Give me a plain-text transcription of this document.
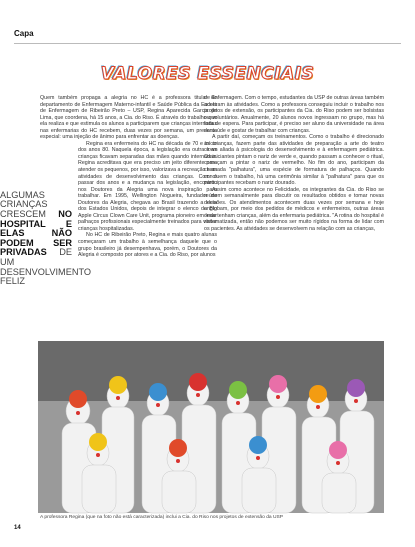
Capa
VALORES ESSENCIAIS

Quem também propaga a alegria no HC é a professora titular do departamento de Enfermagem Materno-infantil e Saúde Pública da Escola de Enfermagem de Ribeirão Preto – USP, Regina Aparecida Garcia de Lima, que coordena, há 15 anos, a Cia. do Riso. É através do trabalho que ela realiza e que estimula os alunos a participarem que crianças internadas nas enfermarias do HC recebem, duas vezes por semana, um presente especial: uma injeção de ânimo para enfrentar as doenças.

ALGUMAS CRIANÇAS CRESCEM NO HOSPITAL E ELAS NÃO PODEM SER PRIVADAS DE UM DESENVOLVIMENTO FELIZ

Regina era enfermeira do HC na década de 70 e início dos anos 80. Naquela época, a legislação era outra e as crianças ficavam separadas das mães quando internadas. Regina acreditava que era preciso um jeito diferente para atender os pequenos, por isso, valorizava a recreação e as atividades de desenvolvimento das crianças. Com o passar dos anos e a mudança na legislação, encontrou nos Doutores da Alegria uma nova inspiração para trabalhar. Em 1995, Wellington Nogueira, fundador do Doutores da Alegria, chegava ao Brasil trazendo a ideia dos Estados Unidos, depois de integrar o elenco da Big Apple Circus Clown Care Unit, programa pioneiro em levar palhaços profissionais especialmente treinados para visitar crianças hospitalizadas.

No HC de Ribeirão Preto, Regina e mais quatro alunas começaram um trabalho à semelhança daquele que o grupo brasileiro já desempenhava, porém, o Doutores da Alegria é composto por atores e a Cia. do Riso, por alunos

de Enfermagem. Com o tempo, estudantes da USP de outras áreas também aderiram às atividades. Como a professora conseguiu incluir o trabalho nos projetos de extensão, os participantes da Cia. do Riso podem ser bolsistas ou voluntários. Anualmente, 20 alunos novos ingressam no grupo, mas há lista de espera. Para participar, é preciso ser aluno da universidade na área da saúde e gostar de trabalhar com crianças.

A partir daí, começam os treinamentos. Como o trabalho é direcionado às crianças, fazem parte das atividades de preparação a arte do teatro clown aliada à psicologia do desenvolvimento e à enfermagem pediátrica. Os iniciantes pintam o nariz de verde e, quando passam a conhecer o ritual, começam a pintar o nariz de vermelho. No fim do ano, participam da chamada "palhatura", uma espécie de formatura de palhaços. Quando concluem o trabalho, há uma cerimônia similar à "palhatura" para que os participantes recebam o nariz dourado.

Assim como acontece no Felicidade, os integrantes da Cia. do Riso se reúnem semanalmente para discutir os resultados obtidos e tomar novas decisões. Os atendimentos acontecem duas vezes por semana e hoje englobam, por meio dos pedidos de médicos e enfermeiros, outras áreas onde tenham crianças, além da enfermaria pediátrica. "A rotina do hospital é sistematizada, então não podemos ser muito rígidos na forma de lidar com os pacientes. As atividades se desenvolvem na relação com as crianças,

A professora Regina (que na foto não está caracterizada) inclui a Cia. do Riso nos projetos de extensão da USP
14
